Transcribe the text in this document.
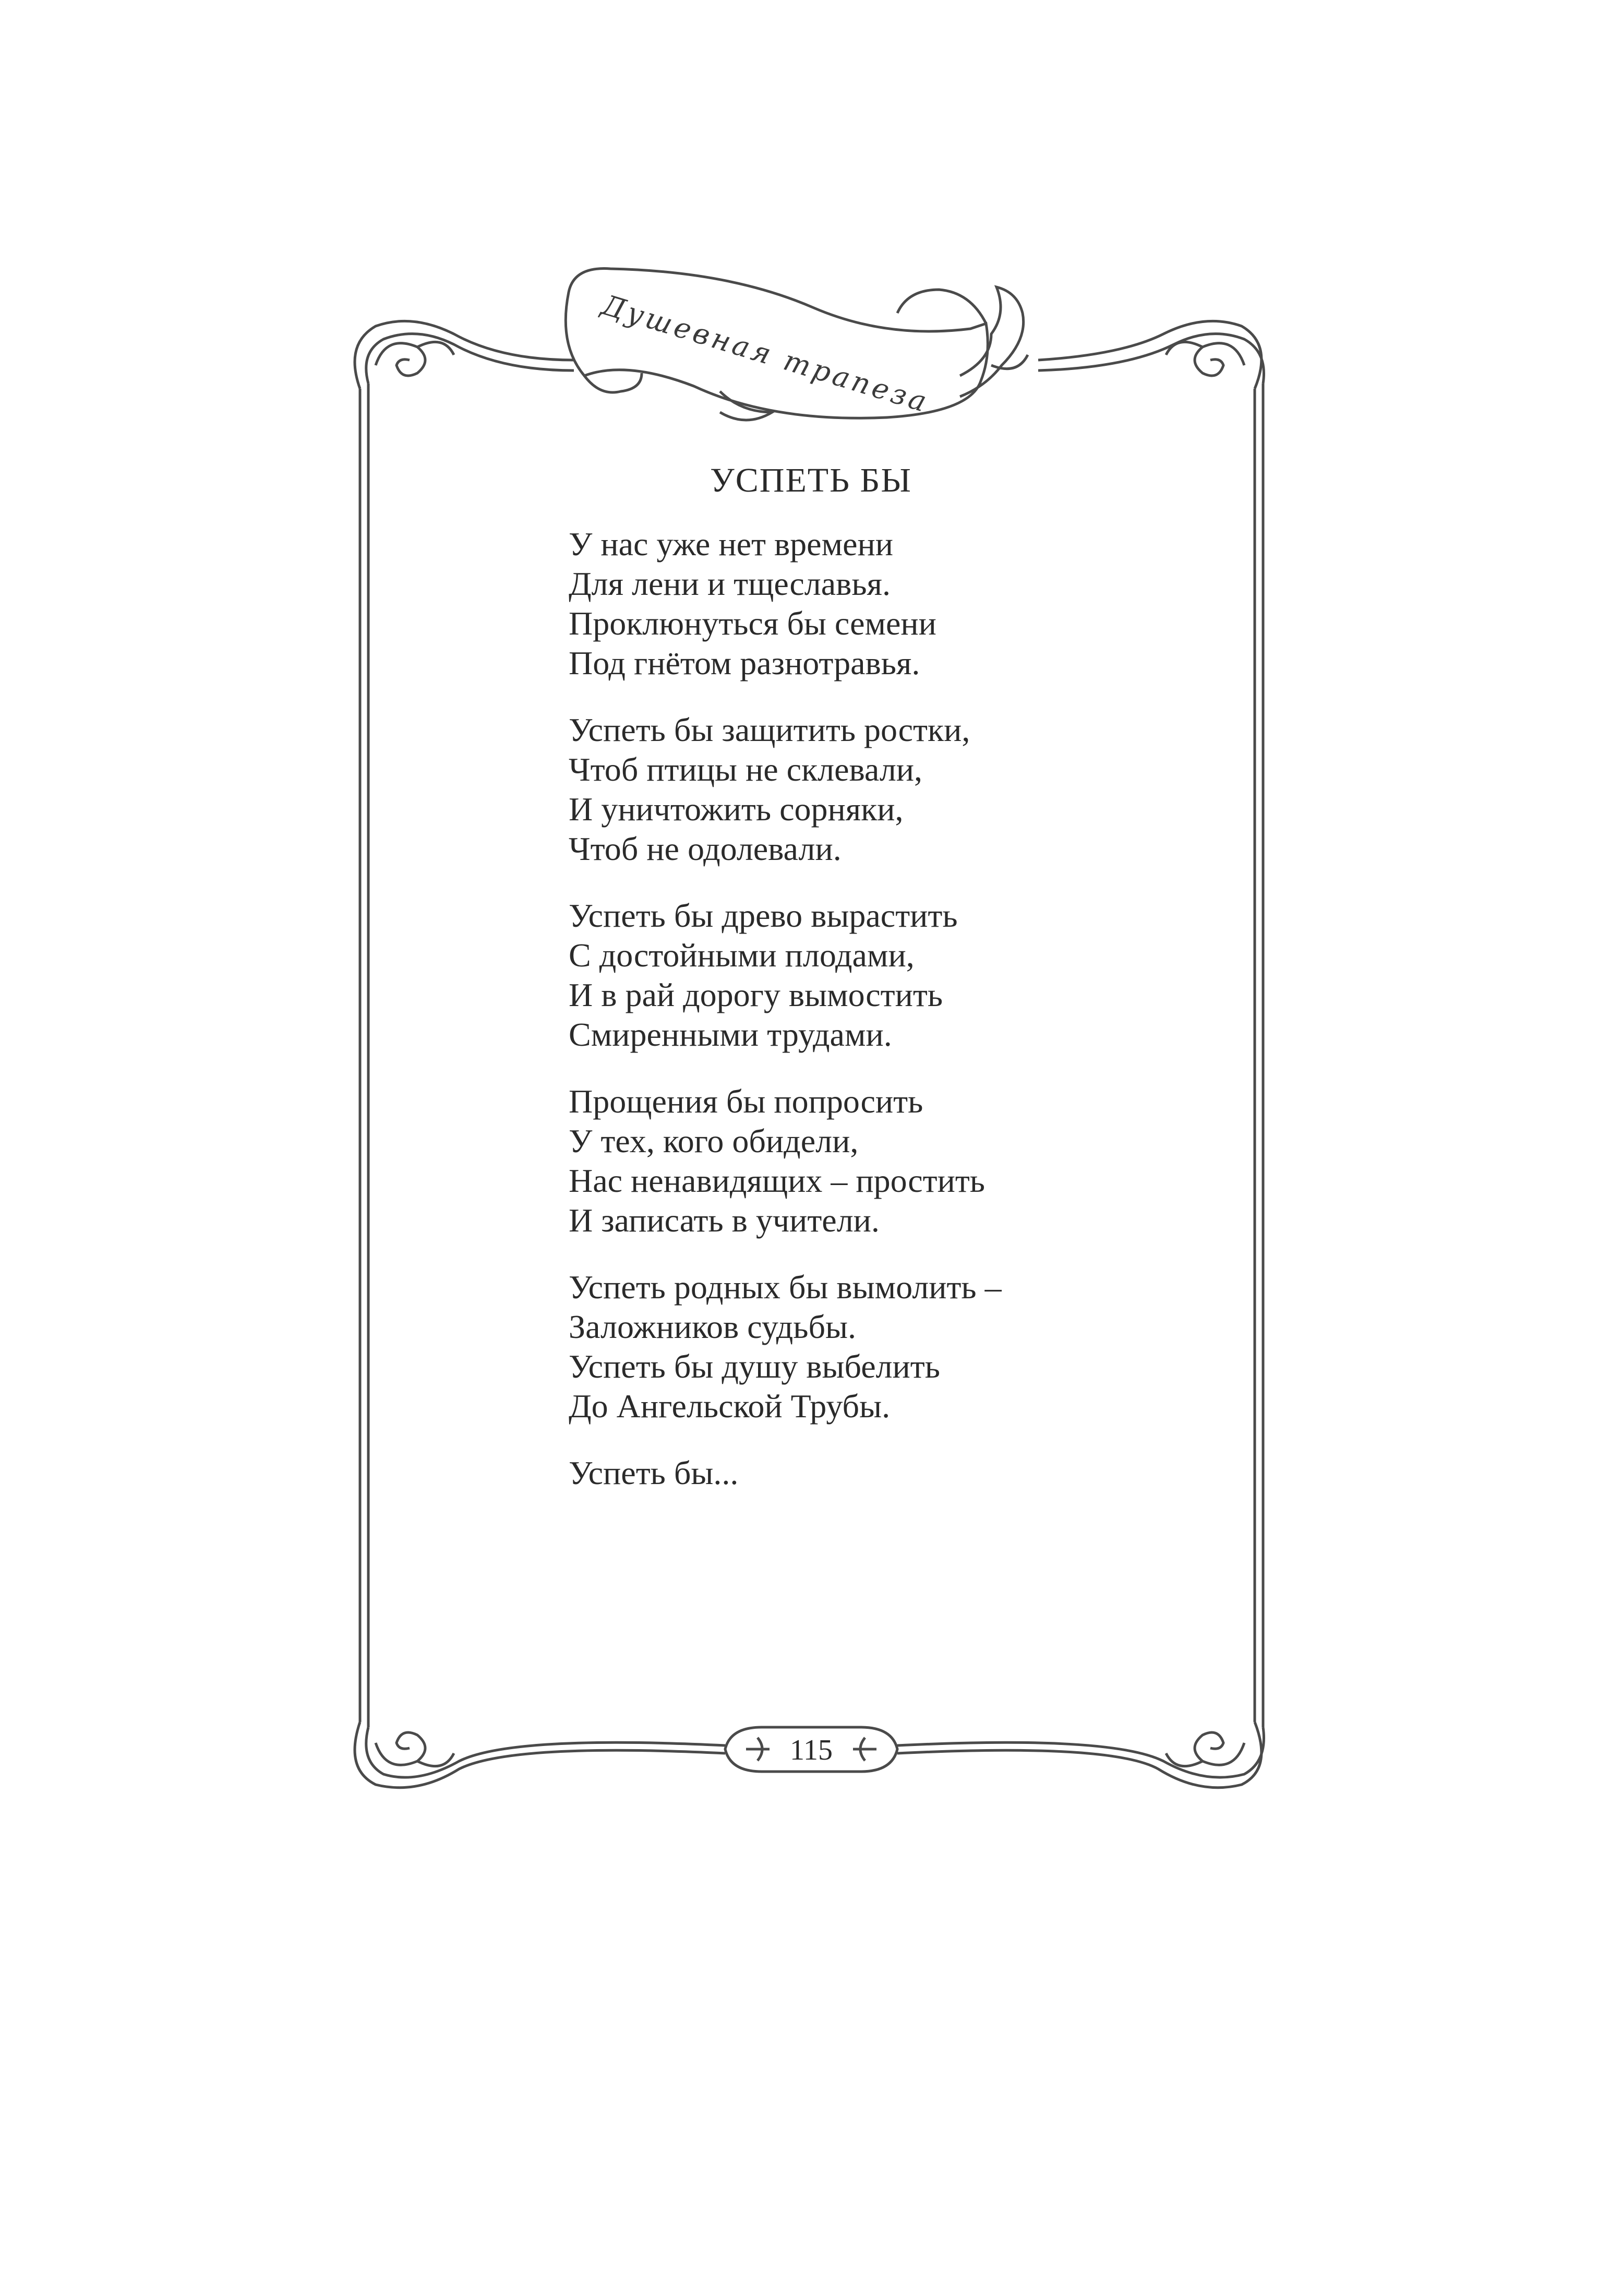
Душевная трапеза
115
УСПЕТЬ БЫ
У нас уже нет времени
Для лени и тщеславья.
Проклюнуться бы семени
Под гнётом разнотравья.
Успеть бы защитить ростки,
Чтоб птицы не склевали,
И уничтожить сорняки,
Чтоб не одолевали.
Успеть бы древо вырастить
С достойными плодами,
И в рай дорогу вымостить
Смиренными трудами.
Прощения бы попросить
У тех, кого обидели,
Нас ненавидящих – простить
И записать в учители.
Успеть родных бы вымолить –
Заложников судьбы.
Успеть бы душу выбелить
До Ангельской Трубы.
Успеть бы...
